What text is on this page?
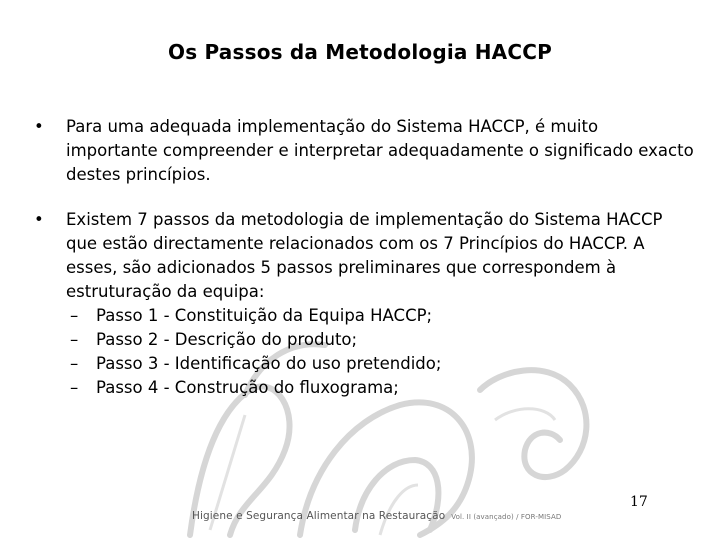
Os Passos da Metodologia HACCP
• Para uma adequada implementação do Sistema HACCP, é muito importante compreender e interpretar adequadamente o significado exacto destes princípios.
• Existem 7 passos da metodologia de implementação do Sistema HACCP que estão directamente relacionados com os 7 Princípios do HACCP. A esses, são adicionados 5 passos preliminares que correspondem à estruturação da equipa:
– Passo 1 - Constituição da Equipa HACCP;
– Passo 2 - Descrição do produto;
– Passo 3 - Identificação do uso pretendido;
– Passo 4 - Construção do fluxograma;
17
Higiene e Segurança Alimentar na Restauração Vol. II (avançado) / FOR-MISAD
